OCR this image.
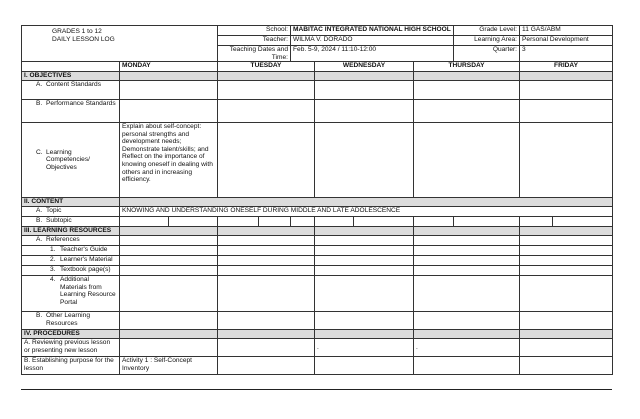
GRADES 1 to 12
DAILY LESSON LOG			School:		MABITAC INTEGRATED NATIONAL HIGH SCHOOL				Grade Level:	11 GAS/ABM	
			Teacher:		WILMA V. DORADO				Learning Area:	Personal Development	
			Teaching Dates and Time:		Feb. 5-9, 2024 / 11:10-12:00				Quarter:	3	
	MONDAY		TUESDAY			WEDNESDAY		THURSDAY		FRIDAY	
I. OBJECTIVES											

A. Content Standards											

B. Performance Standards											

C. Learning Competencies/ Objectives	Explain about self-concept: personal strengths and development needs; Demonstrate talent/skills; and Reflect on the importance of knowing oneself in dealing with others and in increasing efficiency.										
II. CONTENT											

A. Topic	KNOWING AND UNDERSTANDING ONESELF DURING MIDDLE AND LATE ADOLESCENCE										

B. Subtopic											

III. LEARNING RESOURCES											

A. References											

1. Teacher's Guide											

2. Learner's Material											

3. Textbook page(s)											

4. Additional Materials from Learning Resource Portal											

B. Other Learning Resources											

IV. PROCEDURES											
A. Reviewing previous lesson or presenting new lesson						.		.			
B. Establishing purpose for the lesson	Activity 1 : Self-Concept Inventory										
